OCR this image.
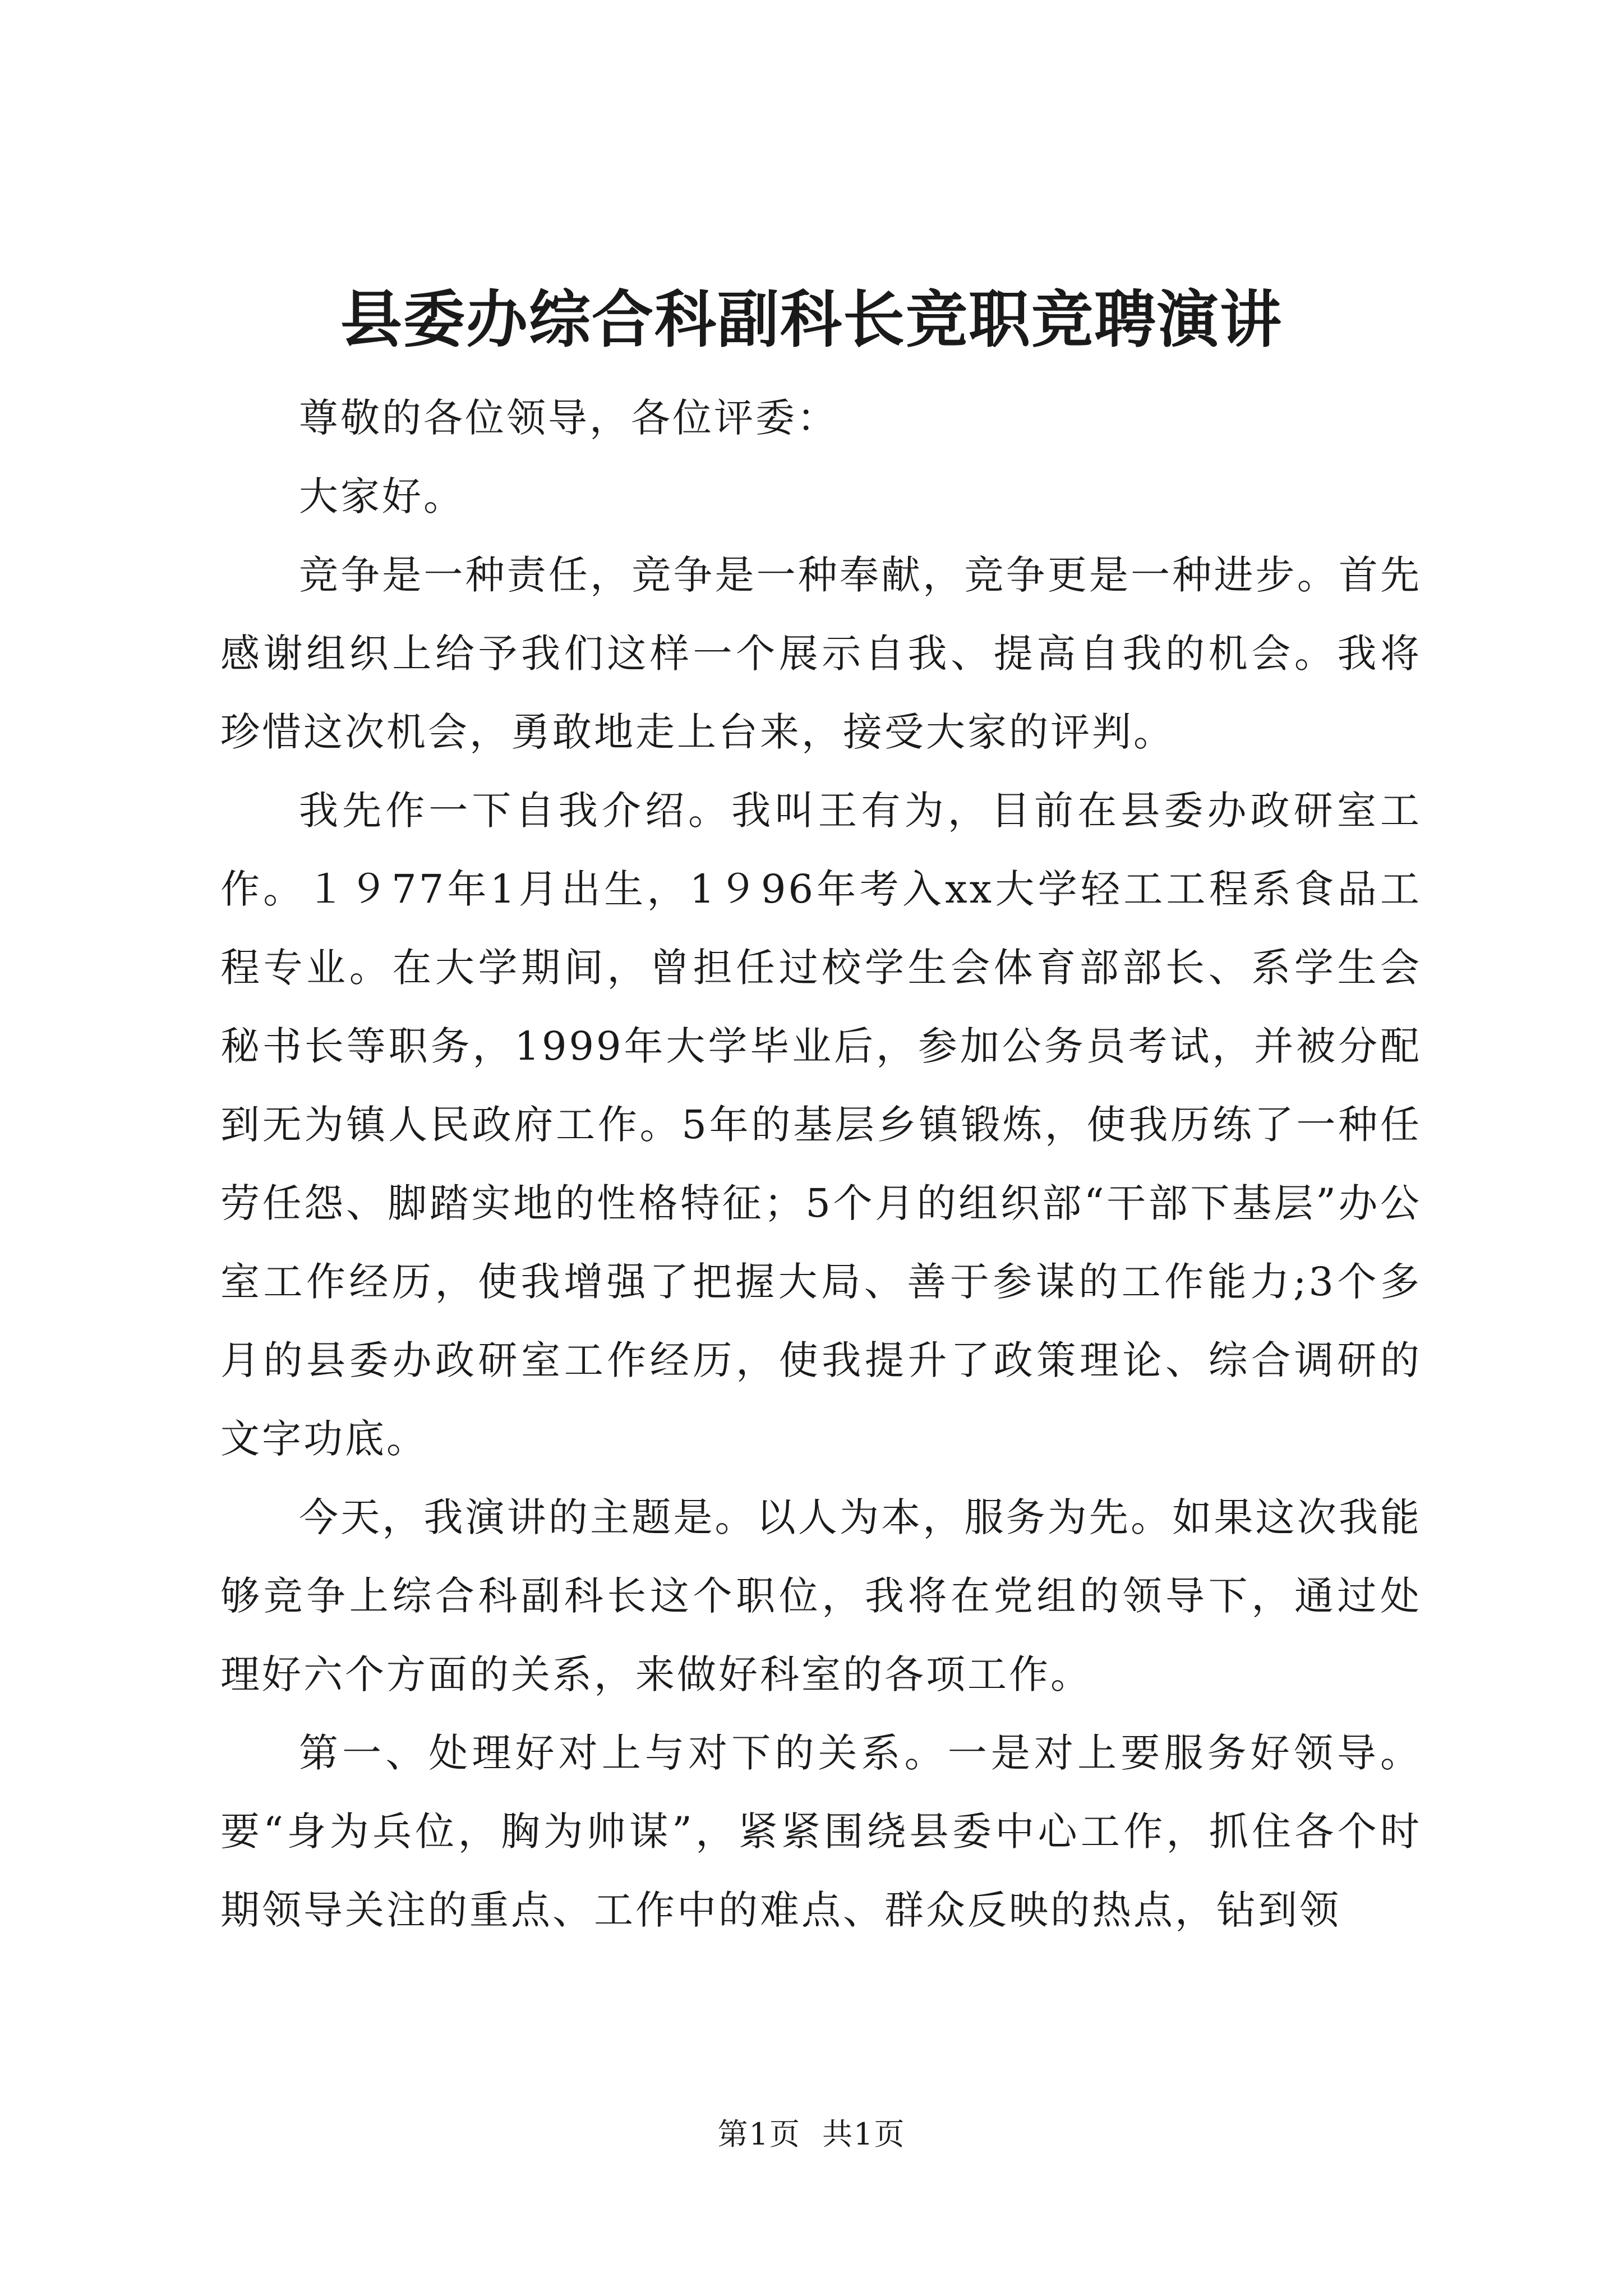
县委办综合科副科长竞职竞聘演讲

尊敬的各位领导，各位评委：

大家好。

竞争是一种责任，竞争是一种奉献，竞争更是一种进步。首先感谢组织上给予我们这样一个展示自我、提高自我的机会。我将珍惜这次机会，勇敢地走上台来，接受大家的评判。

我先作一下自我介绍。我叫王有为，目前在县委办政研室工作。１９77年1月出生，1９96年考入xx大学轻工工程系食品工程专业。在大学期间，曾担任过校学生会体育部部长、系学生会秘书长等职务，1999年大学毕业后，参加公务员考试，并被分配到无为镇人民政府工作。5年的基层乡镇锻炼，使我历练了一种任劳任怨、脚踏实地的性格特征；5个月的组织部“干部下基层”办公室工作经历，使我增强了把握大局、善于参谋的工作能力;3个多月的县委办政研室工作经历，使我提升了政策理论、综合调研的文字功底。

今天，我演讲的主题是。以人为本，服务为先。如果这次我能够竞争上综合科副科长这个职位，我将在党组的领导下，通过处理好六个方面的关系，来做好科室的各项工作。

第一、处理好对上与对下的关系。一是对上要服务好领导。要“身为兵位，胸为帅谋”，紧紧围绕县委中心工作，抓住各个时期领导关注的重点、工作中的难点、群众反映的热点，钻到领

第1页 共1页
